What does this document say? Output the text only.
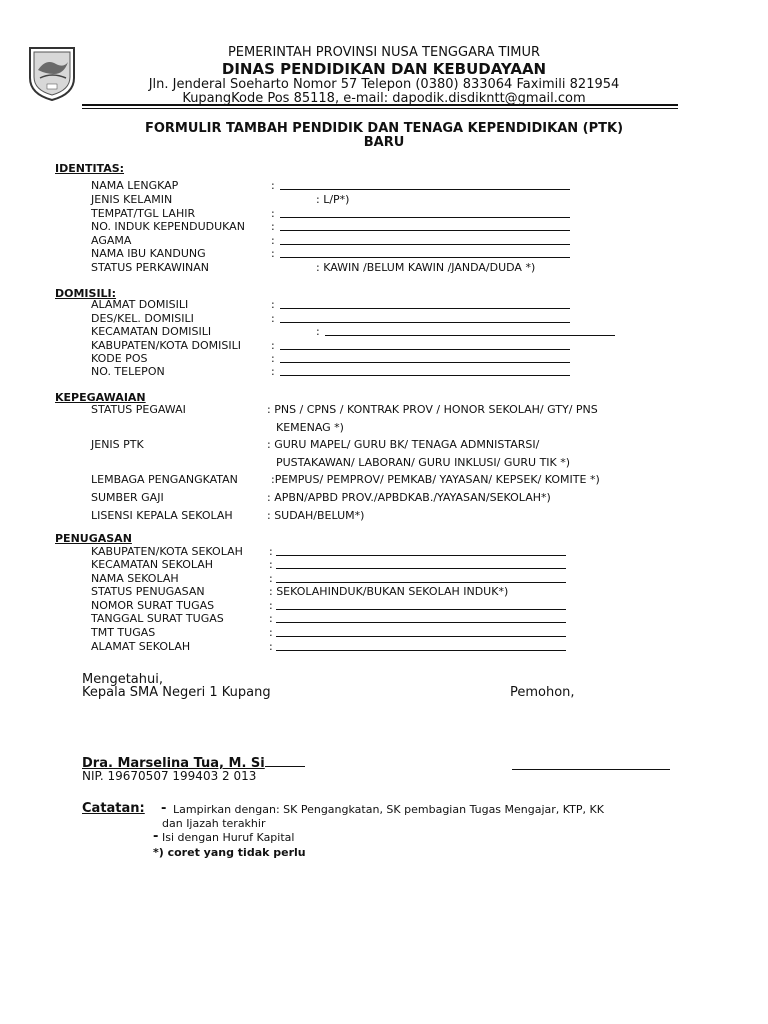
PEMERINTAH PROVINSI NUSA TENGGARA TIMUR
DINAS PENDIDIKAN DAN KEBUDAYAAN
Jln. Jenderal Soeharto Nomor 57 Telepon (0380) 833064 Faximili 821954
KupangKode Pos 85118, e-mail: dapodik.disdikntt@gmail.com
FORMULIR TAMBAH PENDIDIK DAN TENAGA KEPENDIDIKAN (PTK)
BARU
IDENTITAS:
NAMA LENGKAP	:
JENIS KELAMIN	: L/P*)
TEMPAT/TGL LAHIR	:
NO. INDUK KEPENDUDUKAN :
AGAMA	:
NAMA IBU KANDUNG	:
STATUS PERKAWINAN	: KAWIN /BELUM KAWIN /JANDA/DUDA *)
DOMISILI:
ALAMAT DOMISILI	:
DES/KEL. DOMISILI	:
KECAMATAN DOMISILI	:
KABUPATEN/KOTA DOMISILI	:
KODE POS	:
NO. TELEPON	:
KEPEGAWAIAN
STATUS PEGAWAI	: PNS / CPNS / KONTRAK PROV / HONOR SEKOLAH/ GTY/ PNS
KEMENAG *)
JENIS PTK	: GURU MAPEL/ GURU BK/ TENAGA ADMNISTARSI/
PUSTAKAWAN/ LABORAN/ GURU INKLUSI/ GURU TIK *)
LEMBAGA PENGANGKATAN	:PEMPUS/ PEMPROV/ PEMKAB/ YAYASAN/ KEPSEK/ KOMITE *)
SUMBER GAJI	: APBN/APBD PROV./APBDKAB./YAYASAN/SEKOLAH*)
LISENSI KEPALA SEKOLAH	: SUDAH/BELUM*)
PENUGASAN
KABUPATEN/KOTA SEKOLAH :
KECAMATAN SEKOLAH	:
NAMA SEKOLAH	:
STATUS PENUGASAN	: SEKOLAHINDUK/BUKAN SEKOLAH INDUK*)
NOMOR SURAT TUGAS	:
TANGGAL SURAT TUGAS	:
TMT TUGAS	:
ALAMAT SEKOLAH	:
Mengetahui,
Kepala SMA Negeri 1 Kupang	Pemohon,
Dra. Marselina Tua, M. Si
NIP. 19670507 199403 2 013
Catatan: - Lampirkan dengan: SK Pengangkatan, SK pembagian Tugas Mengajar, KTP, KK
dan Ijazah terakhir
- Isi dengan Huruf Kapital
*) coret yang tidak perlu
